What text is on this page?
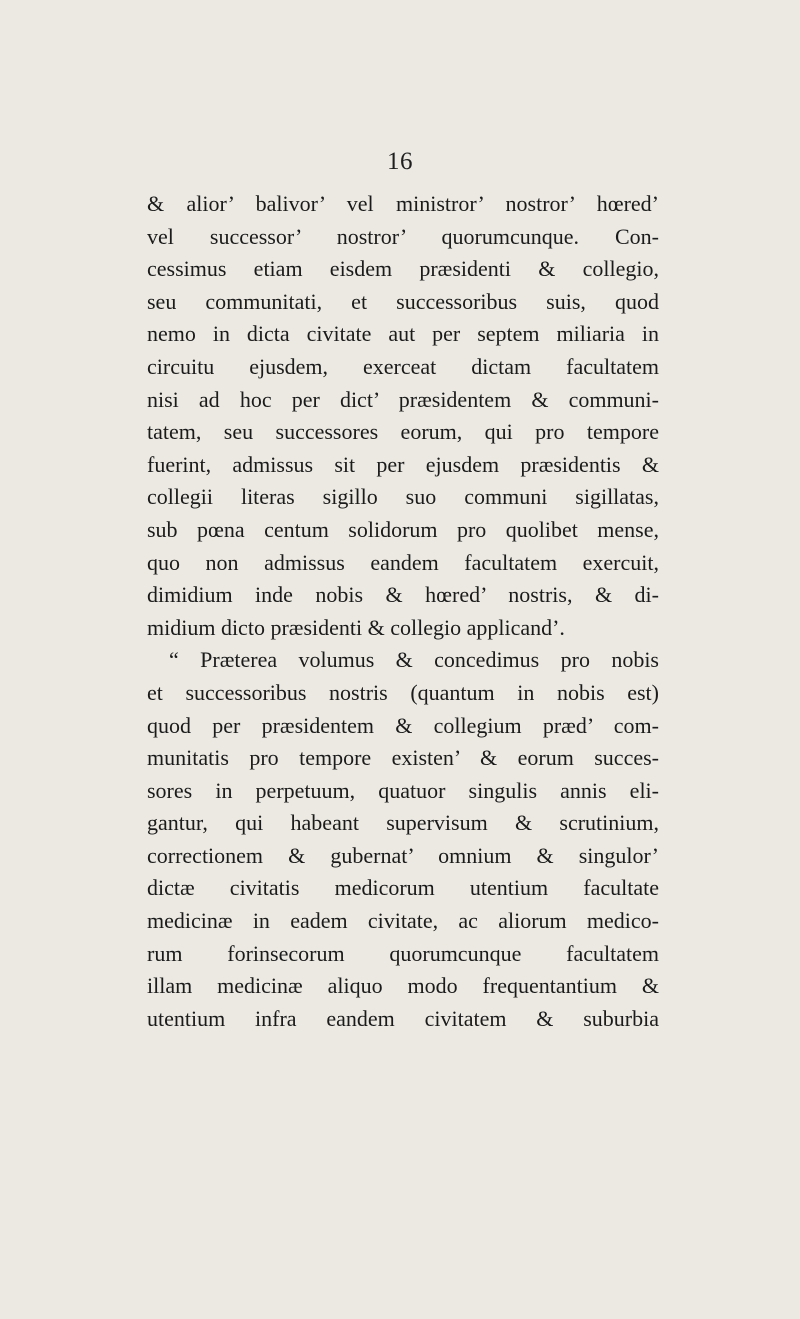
16
& alior’ balivor’ vel ministror’ nostror’ hœred’
vel successor’ nostror’ quorumcunque. Con-
cessimus etiam eisdem præsidenti & collegio,
seu communitati, et successoribus suis, quod
nemo in dicta civitate aut per septem miliaria in
circuitu ejusdem, exerceat dictam facultatem
nisi ad hoc per dict’ præsidentem & communi-
tatem, seu successores eorum, qui pro tempore
fuerint, admissus sit per ejusdem præsidentis &
collegii literas sigillo suo communi sigillatas,
sub pœna centum solidorum pro quolibet mense,
quo non admissus eandem facultatem exercuit,
dimidium inde nobis & hœred’ nostris, & di-
midium dicto præsidenti & collegio applicand’.
“ Præterea volumus & concedimus pro nobis
et successoribus nostris (quantum in nobis est)
quod per præsidentem & collegium præd’ com-
munitatis pro tempore existen’ & eorum succes-
sores in perpetuum, quatuor singulis annis eli-
gantur, qui habeant supervisum & scrutinium,
correctionem & gubernat’ omnium & singulor’
dictæ civitatis medicorum utentium facultate
medicinæ in eadem civitate, ac aliorum medico-
rum forinsecorum quorumcunque facultatem
illam medicinæ aliquo modo frequentantium &
utentium infra eandem civitatem & suburbia
